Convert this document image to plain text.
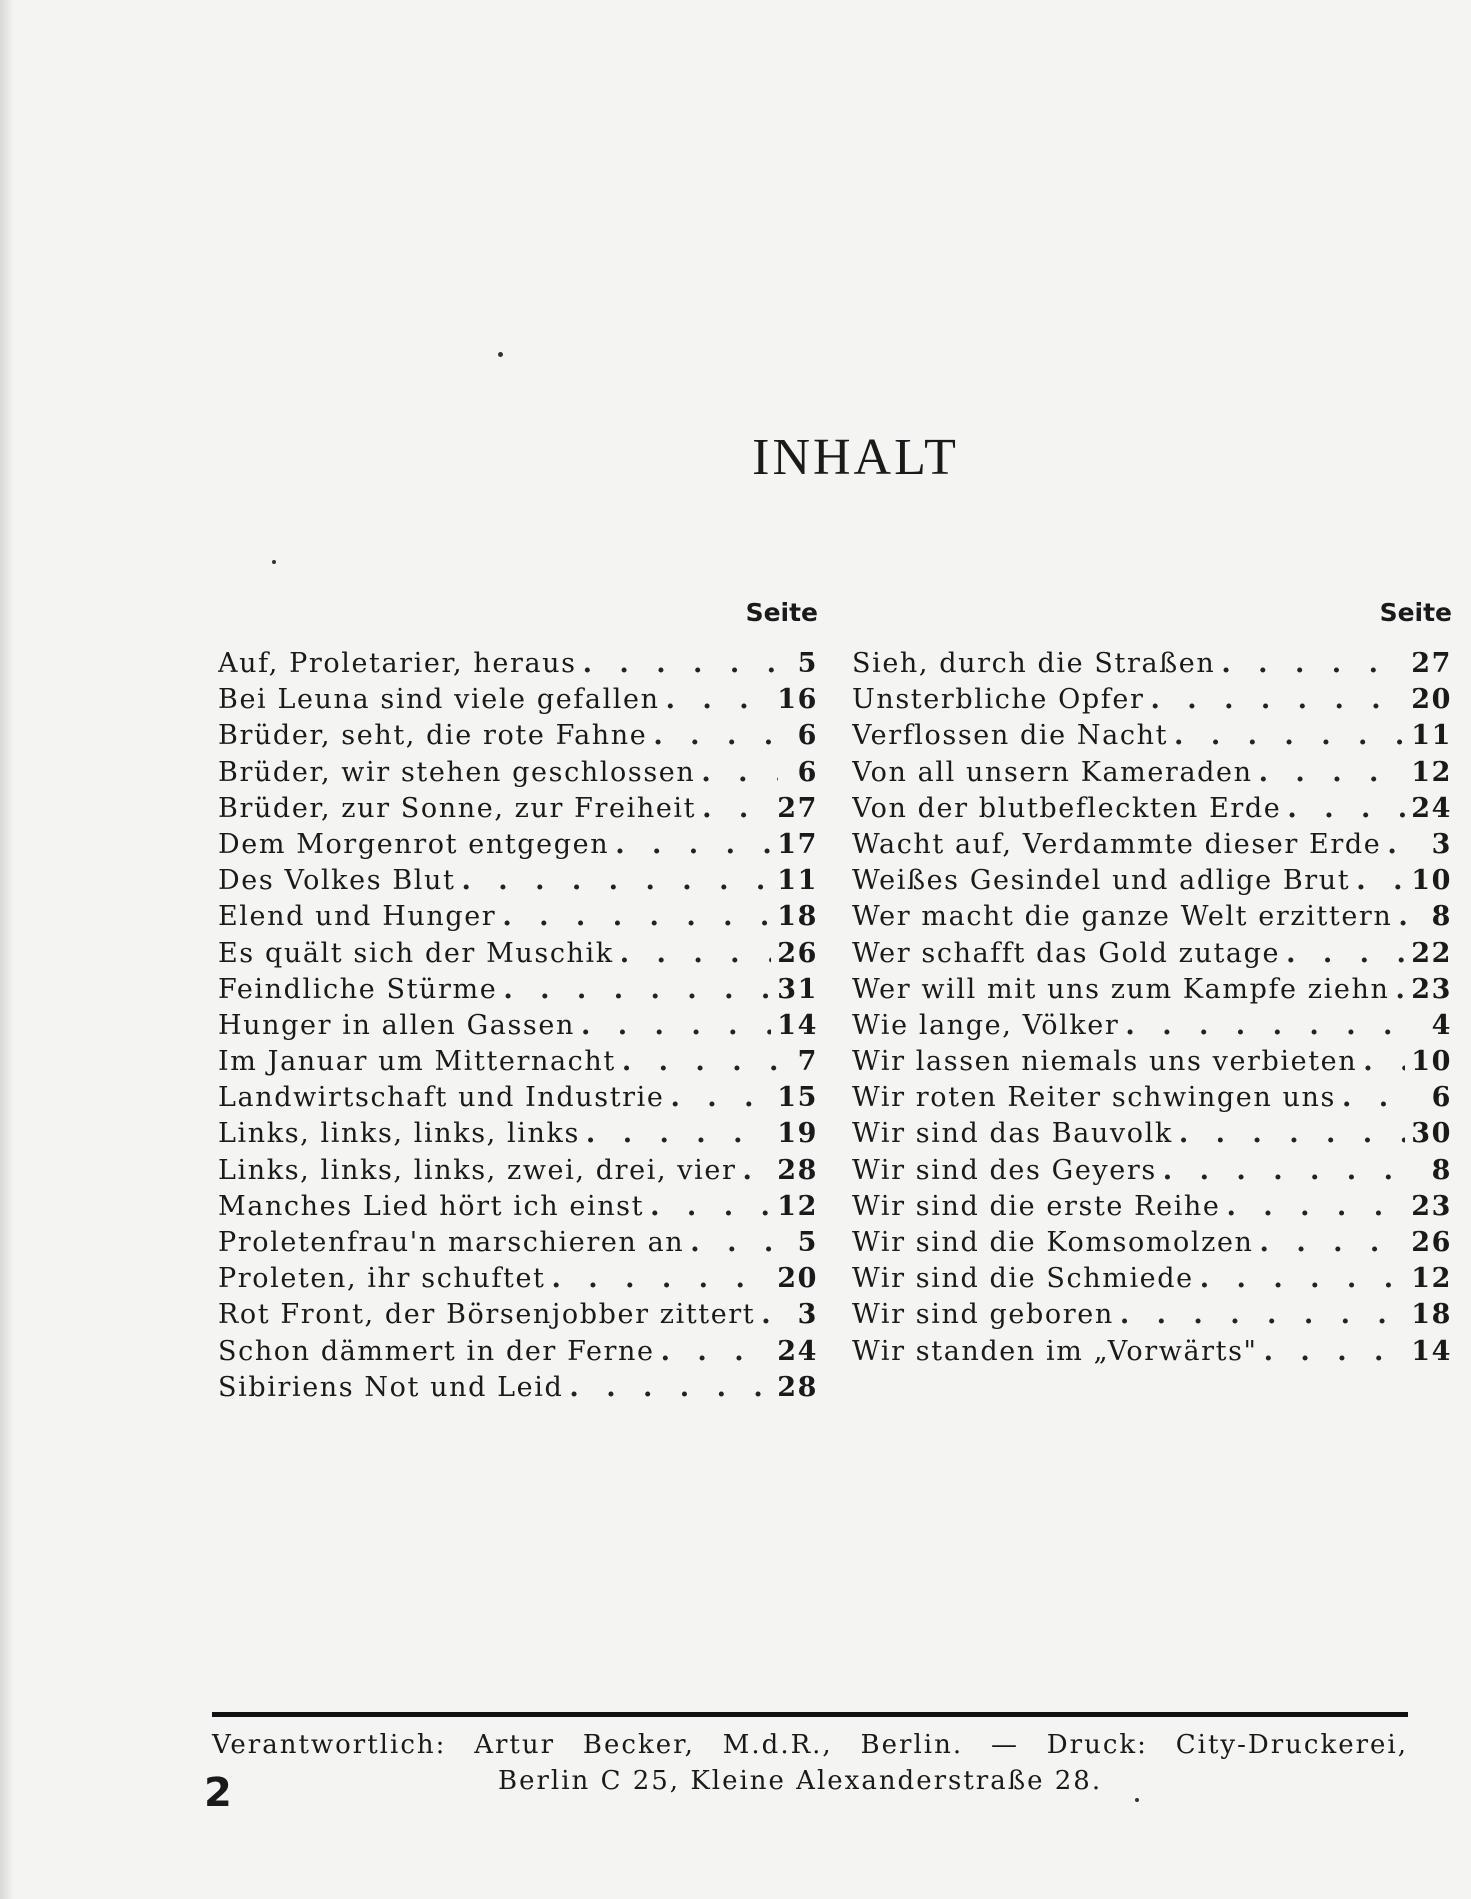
INHALT
Seite
Auf, Proletarier, heraus . . .	5
Bei Leuna sind viele gefallen . . .	16
Brüder, seht, die rote Fahne . . .	6
Brüder, wir stehen geschlossen . . .	6
Brüder, zur Sonne, zur Freiheit . . .	27
Dem Morgenrot entgegen . . .	17
Des Volkes Blut . . .	11
Elend und Hunger . . .	18
Es quält sich der Muschik . . .	26
Feindliche Stürme . . .	31
Hunger in allen Gassen . . .	14
Im Januar um Mitternacht . . .	7
Landwirtschaft und Industrie . . .	15
Links, links, links, links . . .	19
Links, links, links, zwei, drei, vier . . . 28
Manches Lied hört ich einst . . .	12
Proletenfrau'n marschieren an . . .	5
Proleten, ihr schuftet . . .	20
Rot Front, der Börsenjobber zittert . . .	3
Schon dämmert in der Ferne . . .	24
Sibiriens Not und Leid . . .	28
Seite
Sieh, durch die Straßen . . .	27
Unsterbliche Opfer . . .	20
Verflossen die Nacht . . .	11
Von all unsern Kameraden . . .	12
Von der blutbefleckten Erde . . .	24
Wacht auf, Verdammte dieser Erde . . .	3
Weißes Gesindel und adlige Brut . . . 10
Wer macht die ganze Welt erzittern . . .	8
Wer schafft das Gold zutage . . .	22
Wer will mit uns zum Kampfe ziehn . . . 23
Wie lange, Völker . . .	4
Wir lassen niemals uns verbieten . . . 10
Wir roten Reiter schwingen uns . . .	6
Wir sind das Bauvolk . . .	30
Wir sind des Geyers . . .	8
Wir sind die erste Reihe . . .	23
Wir sind die Komsomolzen . . .	26
Wir sind die Schmiede . . .	12
Wir sind geboren . . .	18
Wir standen im „Vorwärts" . . .	14
2
Verantwortlich: Artur Becker, M.d.R., Berlin. — Druck: City-Druckerei,
Berlin C 25, Kleine Alexanderstraße 28.
